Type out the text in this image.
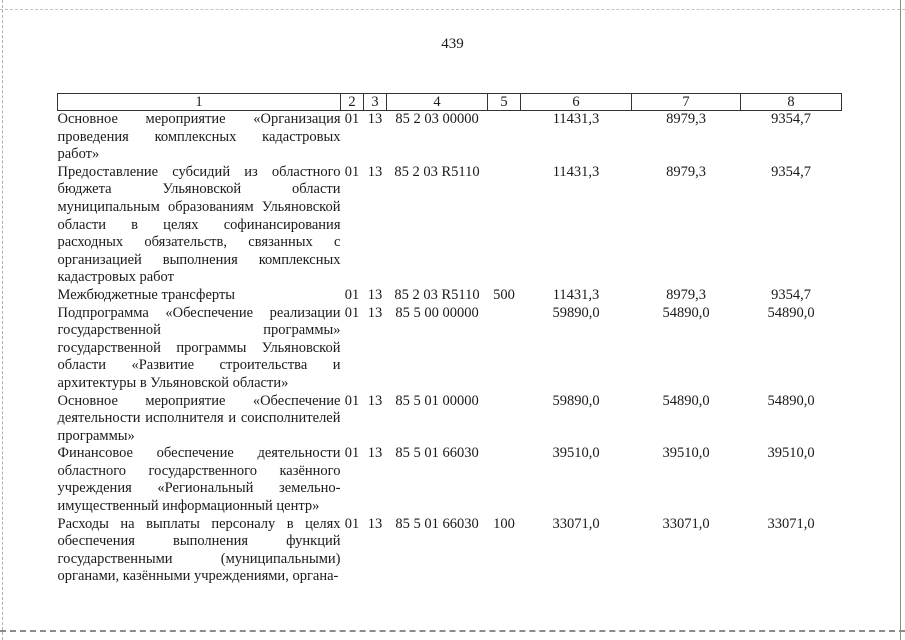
439
1	2	3	4	5	6	7	8
Основное мероприятие «Организация проведения комплексных кадастровых работ»	01	13	85 2 03 00000		11431,3	8979,3	9354,7
Предоставление субсидий из областного бюджета Ульяновской области муниципальным образованиям Ульяновской области в целях софинансирования расходных обязательств, связанных с организацией выполнения комплексных кадастровых работ	01	13	85 2 03 R5110		11431,3	8979,3	9354,7
Межбюджетные трансферты	01	13	85 2 03 R5110	500	11431,3	8979,3	9354,7
Подпрограмма «Обеспечение реализации государственной программы» государственной программы Ульяновской области «Развитие строительства и архитектуры в Ульяновской области»	01	13	85 5 00 00000		59890,0	54890,0	54890,0
Основное мероприятие «Обеспечение деятельности исполнителя и соисполнителей программы»	01	13	85 5 01 00000		59890,0	54890,0	54890,0
Финансовое обеспечение деятельности областного государственного казённого учреждения «Региональный земельно-имущественный информационный центр»	01	13	85 5 01 66030		39510,0	39510,0	39510,0
Расходы на выплаты персоналу в целях обеспечения выполнения функций государственными (муниципальными) органами, казёнными учреждениями, органа-	01	13	85 5 01 66030	100	33071,0	33071,0	33071,0
